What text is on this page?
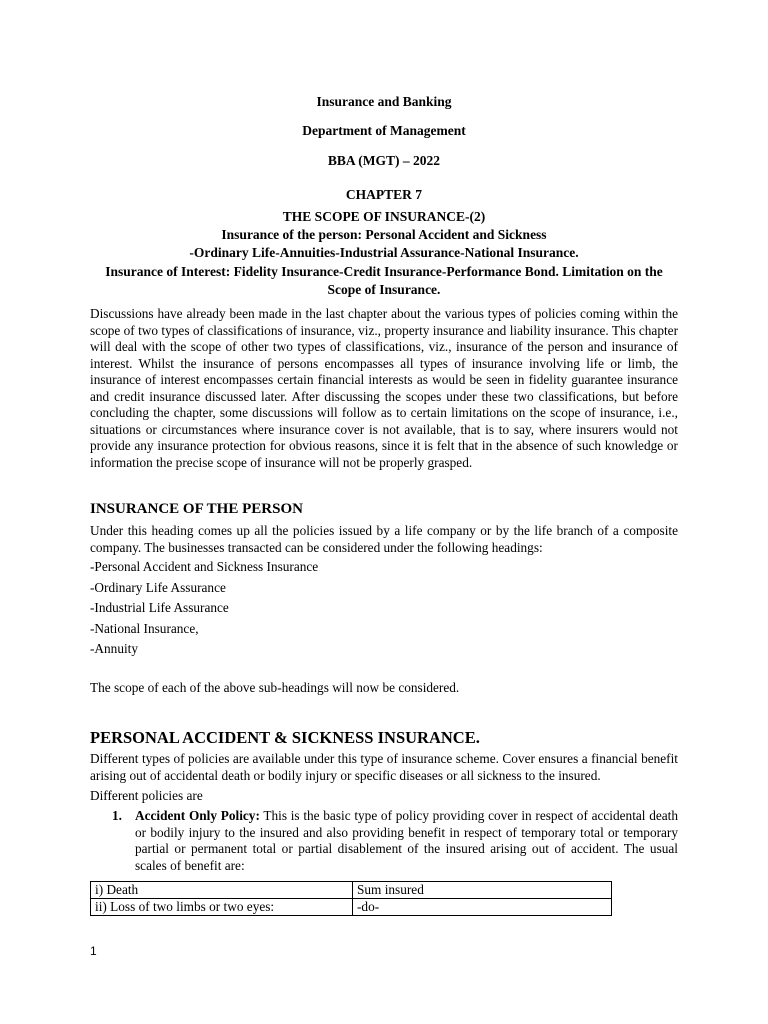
Insurance and Banking
Department of Management
BBA (MGT) – 2022
CHAPTER 7
THE SCOPE OF INSURANCE-(2)
Insurance of the person: Personal Accident and Sickness
-Ordinary Life-Annuities-Industrial Assurance-National Insurance.
Insurance of Interest: Fidelity Insurance-Credit Insurance-Performance Bond. Limitation on the Scope of Insurance.
Discussions have already been made in the last chapter about the various types of policies coming within the scope of two types of classifications of insurance, viz., property insurance and liability insurance. This chapter will deal with the scope of other two types of classifications, viz., insurance of the person and insurance of interest. Whilst the insurance of persons encompasses all types of insurance involving life or limb, the insurance of interest encompasses certain financial interests as would be seen in fidelity guarantee insurance and credit insurance discussed later. After discussing the scopes under these two classifications, but before concluding the chapter, some discussions will follow as to certain limitations on the scope of insurance, i.e., situations or circumstances where insurance cover is not available, that is to say, where insurers would not provide any insurance protection for obvious reasons, since it is felt that in the absence of such knowledge or information the precise scope of insurance will not be properly grasped.
INSURANCE OF THE PERSON
Under this heading comes up all the policies issued by a life company or by the life branch of a composite company. The businesses transacted can be considered under the following headings:
-Personal Accident and Sickness Insurance
-Ordinary Life Assurance
-Industrial Life Assurance
-National Insurance,
-Annuity
The scope of each of the above sub-headings will now be considered.
PERSONAL ACCIDENT & SICKNESS INSURANCE.
Different types of policies are available under this type of insurance scheme. Cover ensures a financial benefit arising out of accidental death or bodily injury or specific diseases or all sickness to the insured.
Different policies are
1. Accident Only Policy: This is the basic type of policy providing cover in respect of accidental death or bodily injury to the insured and also providing benefit in respect of temporary total or temporary partial or permanent total or partial disablement of the insured arising out of accident. The usual scales of benefit are:
i) Death	Sum insured
ii) Loss of two limbs or two eyes:	-do-
1
